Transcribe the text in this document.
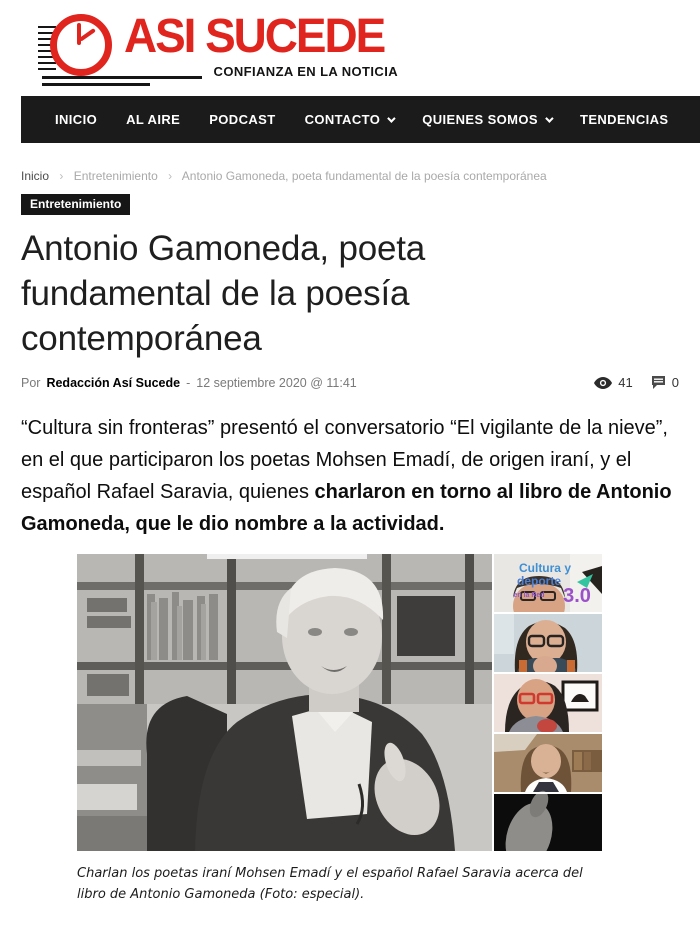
ASI SUCEDE
CONFIANZA EN LA NOTICIA
INICIO AL AIRE PODCAST CONTACTO	QUIENES SOMOS	TENDENCIAS
Inicio › Entretenimiento › Antonio Gamoneda, poeta fundamental de la poesía contemporánea
Entretenimiento
Antonio Gamoneda, poeta fundamental de la poesía contemporánea
Por Redacción Así Sucede - 12 septiembre 2020 @ 11:41	41	0

“Cultura sin fronteras” presentó el conversatorio “El vigilante de la nieve”, en el que participaron los poetas Mohsen Emadí, de origen iraní, y el español Rafael Saravia, quienes charlaron en torno al libro de Antonio Gamoneda, que le dio nombre a la actividad.

Cultura y
deporte
en la Red 3.0
Charlan los poetas iraní Mohsen Emadí y el español Rafael Saravia acerca del libro de Antonio Gamoneda (Foto: especial).
